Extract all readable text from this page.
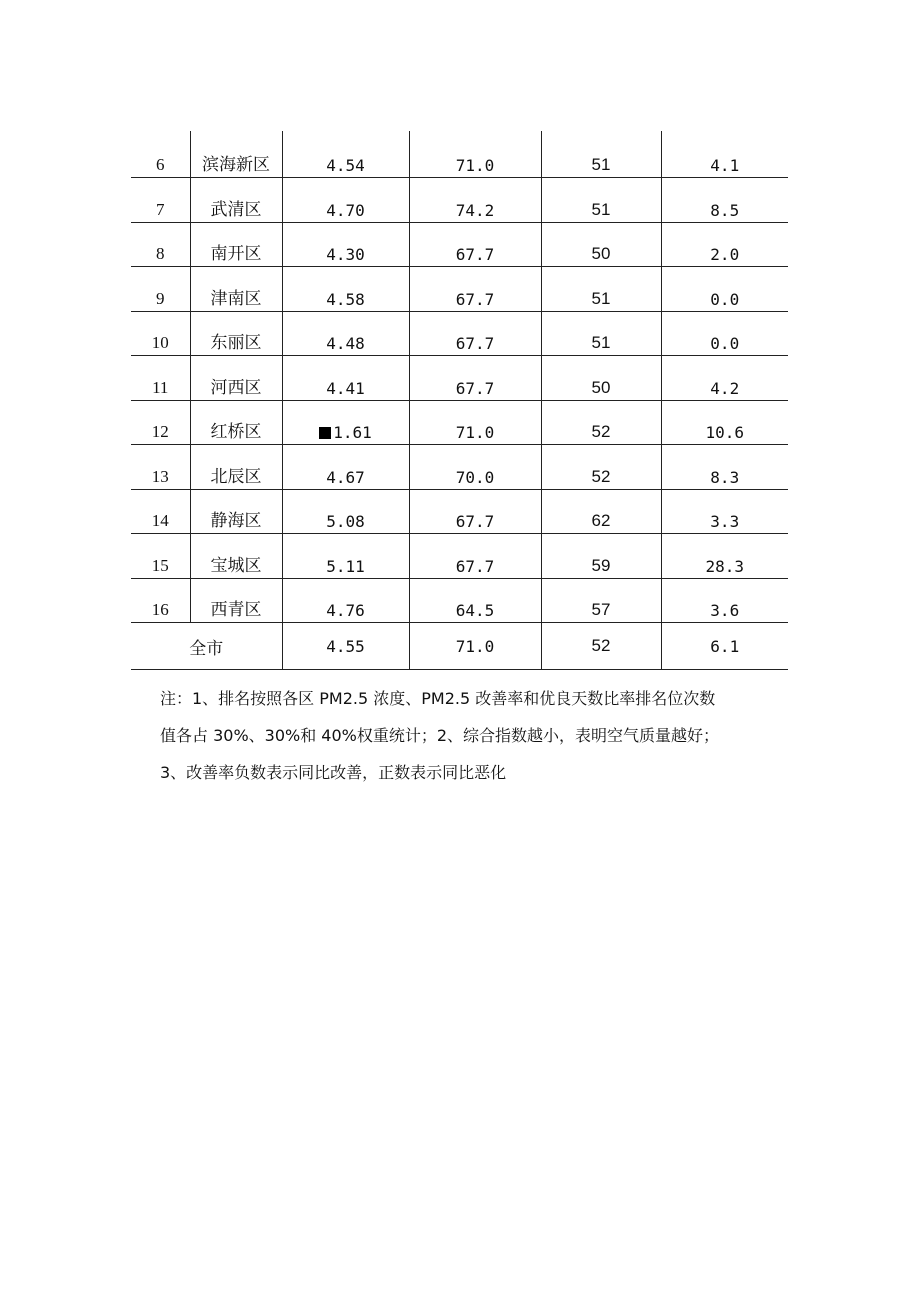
6	滨海新区	4.54	71.0	51	4.1
7	武清区	4.70	74.2	51	8.5
8	南开区	4.30	67.7	50	2.0
9	津南区	4.58	67.7	51	0.0
10	东丽区	4.48	67.7	51	0.0
11	河西区	4.41	67.7	50	4.2
12	红桥区	1.61	71.0	52	10.6
13	北辰区	4.67	70.0	52	8.3
14	静海区	5.08	67.7	62	3.3
15	宝城区	5.11	67.7	59	28.3
16	西青区	4.76	64.5	57	3.6
全市		4.55	71.0	52	6.1

注：1、排名按照各区 PM2.5 浓度、PM2.5 改善率和优良天数比率排名位次数

值各占 30%、30%和 40%权重统计；2、综合指数越小，表明空气质量越好；

3、改善率负数表示同比改善，正数表示同比恶化
